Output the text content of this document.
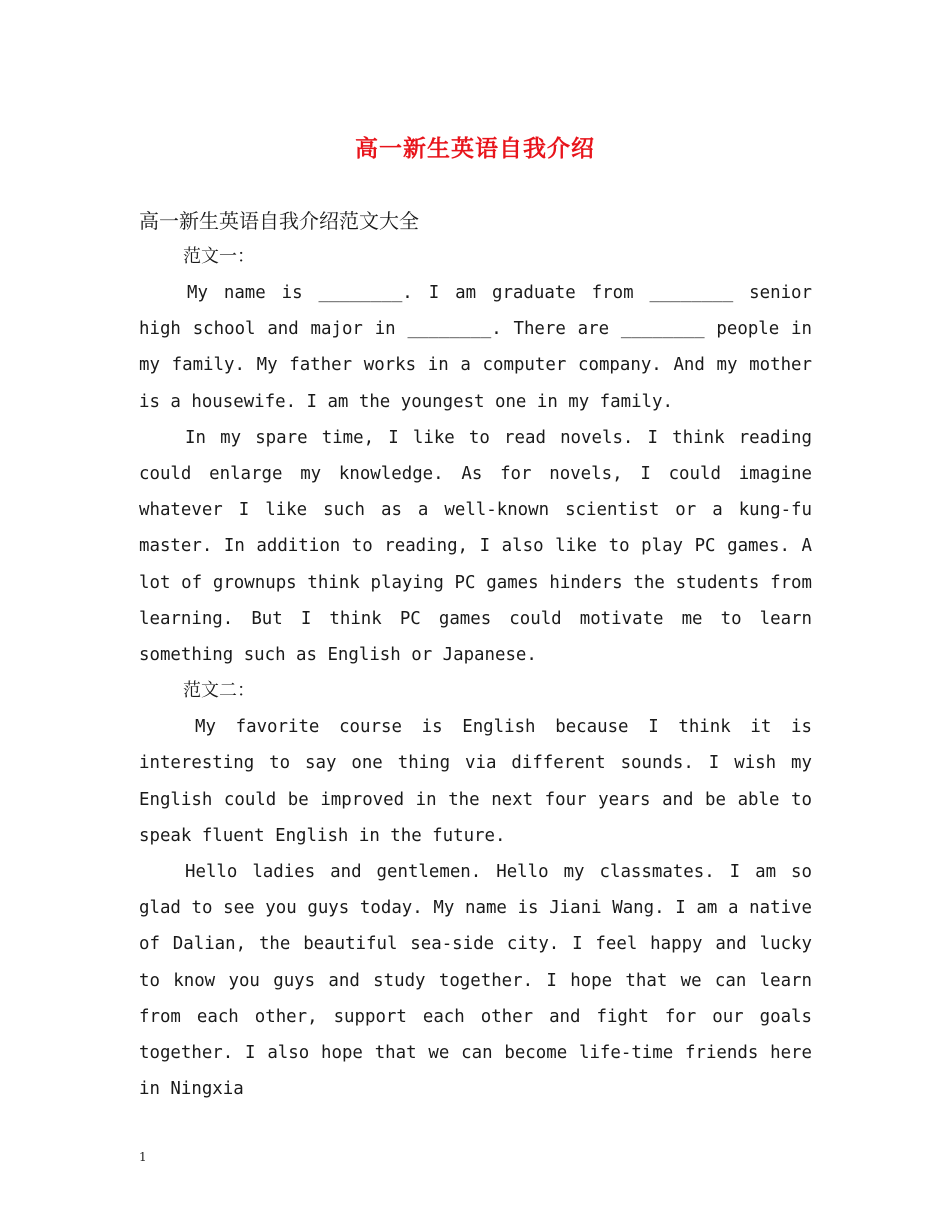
高一新生英语自我介绍

高一新生英语自我介绍范文大全

范文一：

My name is ________. I am graduate from ________ senior high school and major in ________. There are ________ people in my family. My father works in a computer company. And my mother is a housewife. I am the youngest one in my family.

In my spare time, I like to read novels. I think reading could enlarge my knowledge. As for novels, I could imagine whatever I like such as a well-known scientist or a kung-fu master. In addition to reading, I also like to play PC games. A lot of grownups think playing PC games hinders the students from learning. But I think PC games could motivate me to learn something such as English or Japanese.

范文二：

My favorite course is English because I think it is interesting to say one thing via different sounds. I wish my English could be improved in the next four years and be able to speak fluent English in the future.

Hello ladies and gentlemen. Hello my classmates. I am so glad to see you guys today. My name is Jiani Wang. I am a native of Dalian, the beautiful sea-side city. I feel happy and lucky to know you guys and study together. I hope that we can learn from each other, support each other and fight for our goals together. I also hope that we can become life-time friends here in Ningxia

1
